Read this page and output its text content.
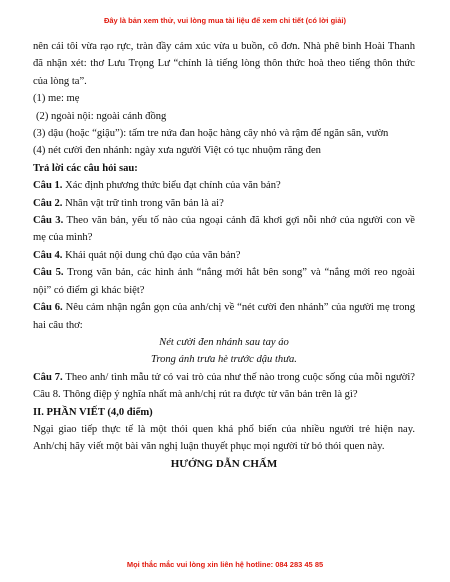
Đây là bản xem thử, vui lòng mua tài liệu để xem chi tiết (có lời giải)

nên cái tôi vừa rạo rực, tràn đầy cảm xúc vừa u buồn, cô đơn. Nhà phê bình Hoài Thanh đã nhận xét: thơ Lưu Trọng Lư “chính là tiếng lòng thôn thức hoà theo tiếng thôn thức của lòng ta”.

(1) me: mẹ

(2) ngoài nội: ngoài cánh đồng

(3) dậu (hoặc “giậu”): tấm tre nứa đan hoặc hàng cây nhỏ và rậm để ngăn sân, vườn

(4) nét cười đen nhánh: ngày xưa người Việt có tục nhuộm răng đen

Trả lời các câu hỏi sau:

Câu 1. Xác định phương thức biểu đạt chính của văn bản?

Câu 2. Nhân vật trữ tình trong văn bản là ai?

Câu 3. Theo văn bản, yếu tố nào của ngoại cảnh đã khơi gợi nỗi nhớ của người con về mẹ của mình?

Câu 4. Khái quát nội dung chủ đạo của văn bản?

Câu 5. Trong văn bản, các hình ảnh “nắng mới hắt bên song” và “nắng mới reo ngoài nội” có điểm gì khác biệt?

Câu 6. Nêu cảm nhận ngắn gọn của anh/chị về “nét cười đen nhánh” của người mẹ trong hai câu thơ:

Nét cười đen nhánh sau tay áo

Trong ánh trưa hè trước dậu thưa.

Câu 7. Theo anh/ tình mẫu tử có vai trò của như thế nào trong cuộc sống của mỗi người? Câu 8. Thông điệp ý nghĩa nhất mà anh/chị rút ra được từ văn bản trên là gì?

II. PHẦN VIẾT (4,0 điểm)

Ngại giao tiếp thực tế là một thói quen khá phổ biến của nhiều người trẻ hiện nay. Anh/chị hãy viết một bài văn nghị luận thuyết phục mọi người từ bỏ thói quen này.

HƯỚNG DẪN CHẤM

Mọi thắc mắc vui lòng xin liên hệ hotline: 084 283 45 85
